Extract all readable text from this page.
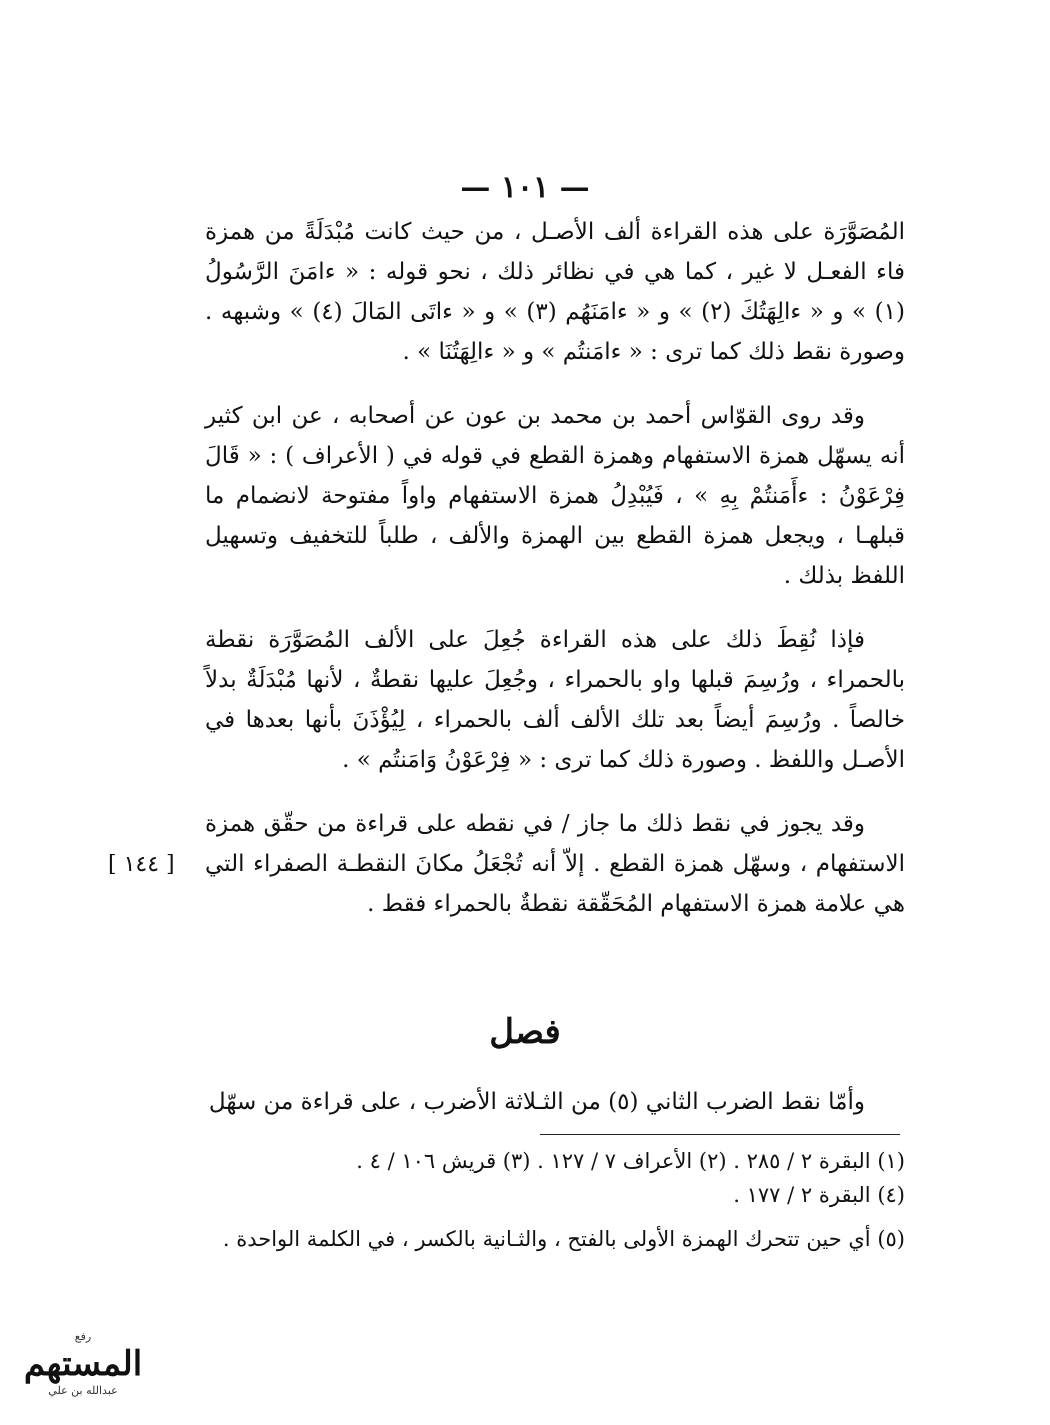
— ١٠١ —

المُصَوَّرَة على هذه القراءة ألف الأصـل ، من حيث كانت مُبْدَلَةً من همزة فاء الفعـل لا غير ، كما هي في نظائر ذلك ، نحو قوله : « ءامَنَ الرَّسُولُ (١) » و « ءالِهَتُكَ (٢) » و « ءامَنَهُم (٣) » و « ءاتَى المَالَ (٤) » وشبهه . وصورة نقط ذلك كما ترى : « ءامَنتُم » و « ءالِهَتُنَا » .

وقد روى القوّاس أحمد بن محمد بن عون عن أصحابه ، عن ابن كثير أنه يسهّل همزة الاستفهام وهمزة القطع في قوله في ( الأعراف ) : « قَالَ فِرْعَوْنُ : ءأَمَنتُمْ بِهِ » ، فَيُبْدِلُ همزة الاستفهام واواً مفتوحة لانضمام ما قبلهـا ، ويجعل همزة القطع بين الهمزة والألف ، طلباً للتخفيف وتسهيل اللفظ بذلك .

فإذا نُقِطَ ذلك على هذه القراءة جُعِلَ على الألف المُصَوَّرَة نقطة بالحمراء ، ورُسِمَ قبلها واو بالحمراء ، وجُعِلَ عليها نقطةٌ ، لأنها مُبْدَلَةٌ بدلاً خالصاً . ورُسِمَ أيضاً بعد تلك الألف ألف بالحمراء ، لِيُؤْذَنَ بأنها بعدها في الأصـل واللفظ . وصورة ذلك كما ترى : « فِرْعَوْنُ وَامَنتُم » .

وقد يجوز في نقط ذلك ما جاز / في نقطه على قراءة من حقّق همزة الاستفهام ، وسهّل همزة القطع . إلاّ أنه تُجْعَلُ مكانَ النقطـة الصفراء التي هي علامة همزة الاستفهام المُحَقّقة نقطةٌ بالحمراء فقط .

[ ١٤٤ ]
فصل

وأمّا نقط الضرب الثاني (٥) من الثـلاثة الأضرب ، على قراءة من سهّل

(١) البقرة ٢ / ٢٨٥ . (٢) الأعراف ٧ / ١٢٧ . (٣) قريش ١٠٦ / ٤ .

(٤) البقرة ٢ / ١٧٧ .

(٥) أي حين تتحرك الهمزة الأولى بالفتح ، والثـانية بالكسر ، في الكلمة الواحدة .

رفع
المستهم
عبدالله بن علي
